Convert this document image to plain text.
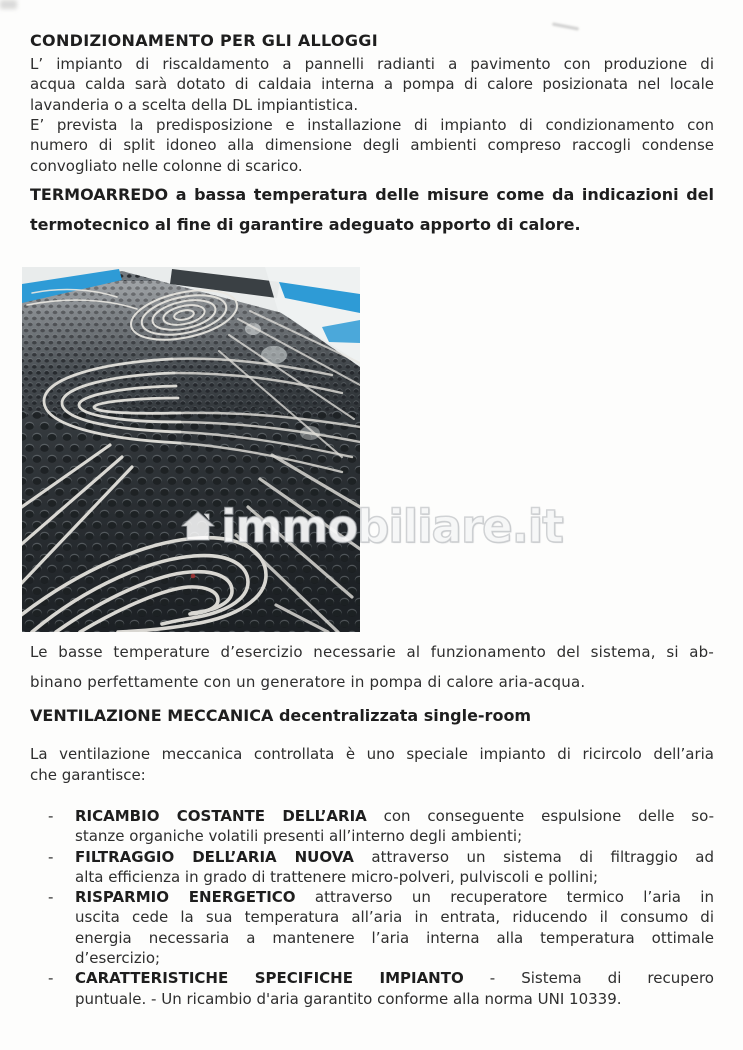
CONDIZIONAMENTO PER GLI ALLOGGI
L’ impianto di riscaldamento a pannelli radianti a pavimento con produzione di
acqua calda sarà dotato di caldaia interna a pompa di calore posizionata nel locale
lavanderia o a scelta della DL impiantistica.
E’ prevista la predisposizione e installazione di impianto di condizionamento con
numero di split idoneo alla dimensione degli ambienti compreso raccogli condense
convogliato nelle colonne di scarico.
TERMOARREDO a bassa temperatura delle misure come da indicazioni del
termotecnico al fine di garantire adeguato apporto di calore.
immobiliare.it
Le basse temperature d’esercizio necessarie al funzionamento del sistema, si ab-
binano perfettamente con un generatore in pompa di calore aria-acqua.
VENTILAZIONE MECCANICA decentralizzata single-room
La ventilazione meccanica controllata è uno speciale impianto di ricircolo dell’aria
che garantisce:
-	RICAMBIO COSTANTE DELL’ARIA con conseguente espulsione delle so-
stanze organiche volatili presenti all’interno degli ambienti;
-	FILTRAGGIO DELL’ARIA NUOVA attraverso un sistema di filtraggio ad
alta efficienza in grado di trattenere micro-polveri, pulviscoli e pollini;
-	RISPARMIO ENERGETICO attraverso un recuperatore termico l’aria in
uscita cede la sua temperatura all’aria in entrata, riducendo il consumo di
energia necessaria a mantenere l’aria interna alla temperatura ottimale
d’esercizio;
-	CARATTERISTICHE SPECIFICHE IMPIANTO - Sistema di recupero
puntuale. - Un ricambio d'aria garantito conforme alla norma UNI 10339.
